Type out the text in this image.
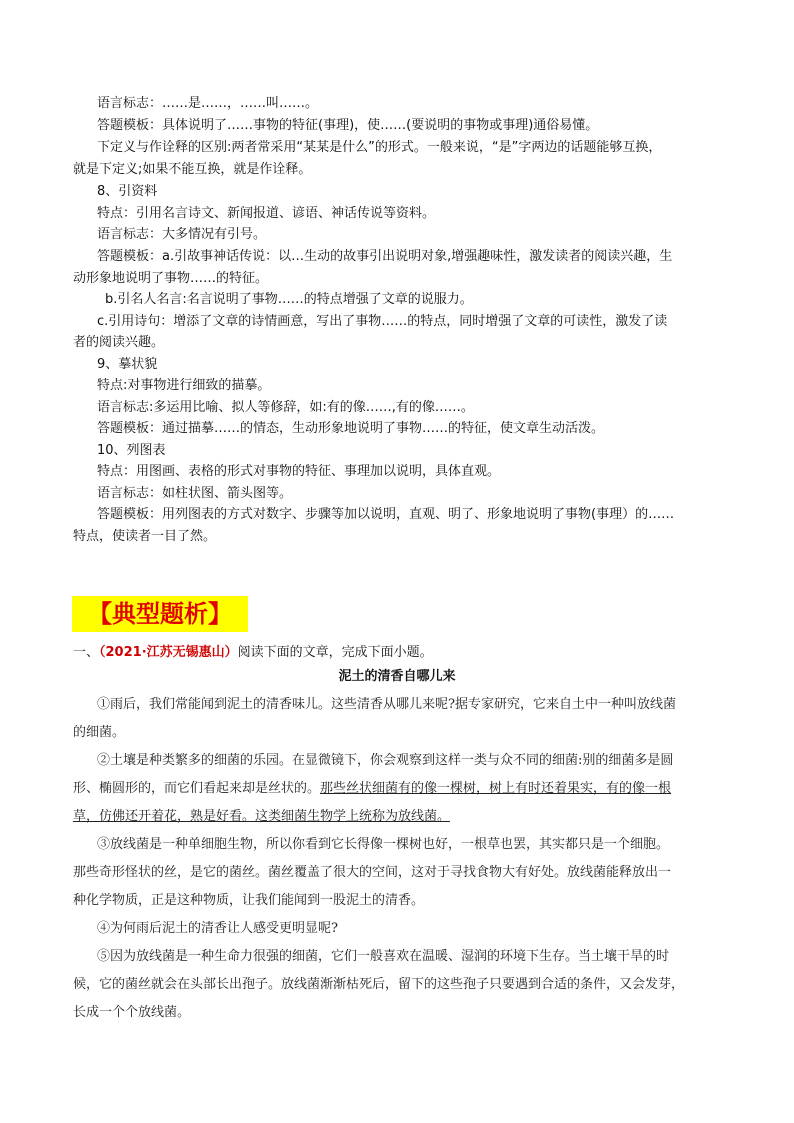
语言标志：……是……，……叫……。
答题模板：具体说明了……事物的特征(事理)，使……(要说明的事物或事理)通俗易懂。
下定义与作诠释的区别:两者常采用“某某是什么”的形式。一般来说，“是”字两边的话题能够互换，
就是下定义;如果不能互换，就是作诠释。
8、引资料
特点：引用名言诗文、新闻报道、谚语、神话传说等资料。
语言标志：大多情况有引号。
答题模板：a.引故事神话传说：以…生动的故事引出说明对象,增强趣味性，激发读者的阅读兴趣，生
动形象地说明了事物……的特征。
b.引名人名言:名言说明了事物……的特点增强了文章的说服力。
c.引用诗句：增添了文章的诗情画意，写出了事物……的特点，同时增强了文章的可读性，激发了读
者的阅读兴趣。
9、摹状貌
特点:对事物进行细致的描摹。
语言标志:多运用比喻、拟人等修辞，如:有的像……,有的像……。
答题模板：通过描摹……的情态，生动形象地说明了事物……的特征，使文章生动活泼。
10、列图表
特点：用图画、表格的形式对事物的特征、事理加以说明，具体直观。
语言标志：如柱状图、箭头图等。
答题模板：用列图表的方式对数字、步骤等加以说明，直观、明了、形象地说明了事物(事理）的……
特点，使读者一目了然。
【典型题析】
一、（2021·江苏无锡惠山）阅读下面的文章，完成下面小题。
泥土的清香自哪儿来
①雨后，我们常能闻到泥土的清香味儿。这些清香从哪儿来呢?据专家研究，它来自土中一种叫放线菌
的细菌。
②土壤是种类繁多的细菌的乐园。在显微镜下，你会观察到这样一类与众不同的细菌:别的细菌多是圆
形、椭圆形的，而它们看起来却是丝状的。那些丝状细菌有的像一棵树，树上有时还着果实，有的像一根
草，仿佛还开着花，熟是好看。这类细菌生物学上统称为放线菌。
③放线菌是一种单细胞生物，所以你看到它长得像一棵树也好，一根草也罢，其实都只是一个细胞。
那些奇形怪状的丝，是它的菌丝。菌丝覆盖了很大的空间，这对于寻找食物大有好处。放线菌能释放出一
种化学物质，正是这种物质，让我们能闻到一股泥土的清香。
④为何雨后泥土的清香让人感受更明显呢?
⑤因为放线菌是一种生命力很强的细菌，它们一般喜欢在温暖、湿润的环境下生存。当土壤干旱的时
候，它的菌丝就会在头部长出孢子。放线菌渐渐枯死后，留下的这些孢子只要遇到合适的条件，又会发芽，
长成一个个放线菌。
